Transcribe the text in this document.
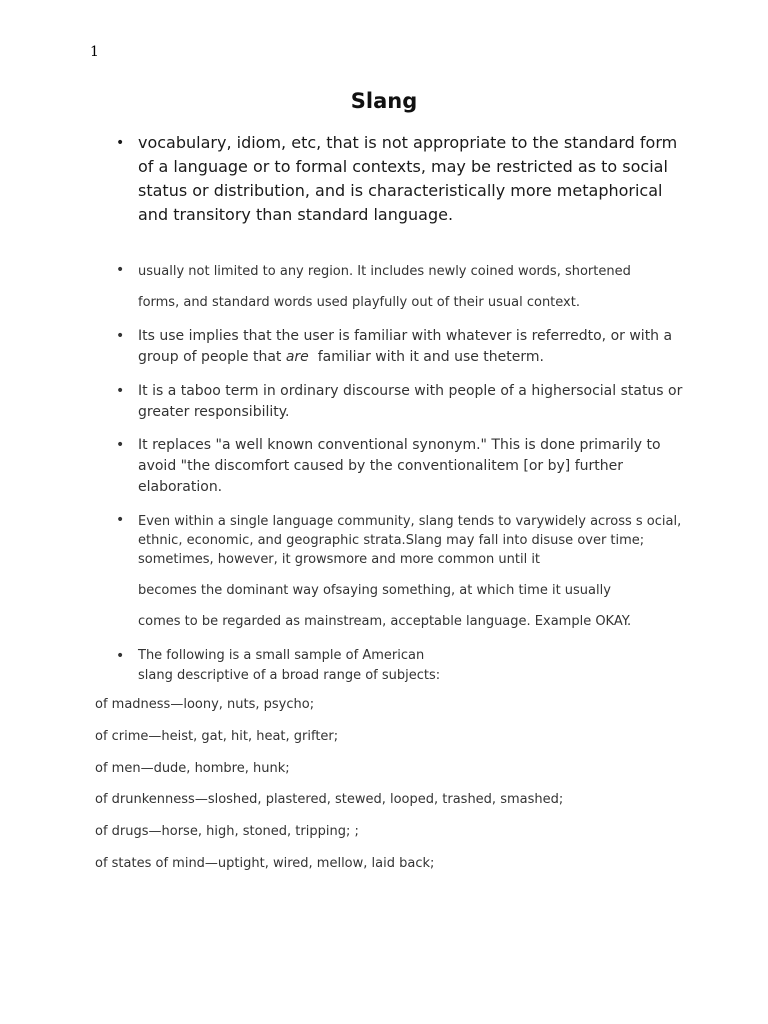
1
Slang
• vocabulary, idiom, etc, that is not appropriate to the standard form of a language or to formal contexts, may be restricted as to social status or distribution, and is characteristically more metaphorical and transitory than standard language.
• usually not limited to any region. It includes newly coined words, shortened
forms, and standard words used playfully out of their usual context.
• Its use implies that the user is familiar with whatever is referredto, or with a group of people that are  familiar with it and use theterm.
• It is a taboo term in ordinary discourse with people of a highersocial status or greater responsibility.
• It replaces "a well known conventional synonym." This is done primarily to avoid "the discomfort caused by the conventionalitem [or by] further elaboration.
• Even within a single language community, slang tends to varywidely across s ocial, ethnic, economic, and geographic strata.Slang may fall into disuse over time; sometimes, however, it growsmore and more common until it
becomes the dominant way ofsaying something, at which time it usually
comes to be regarded as mainstream, acceptable language. Example OKAY.
• The following is a small sample of American slang descriptive of a broad range of subjects:
of madness—loony, nuts, psycho;
of crime—heist, gat, hit, heat, grifter;
of men—dude, hombre, hunk;
of drunkenness—sloshed, plastered, stewed, looped, trashed, smashed;
of drugs—horse, high, stoned, tripping; ;
of states of mind—uptight, wired, mellow, laid back;
